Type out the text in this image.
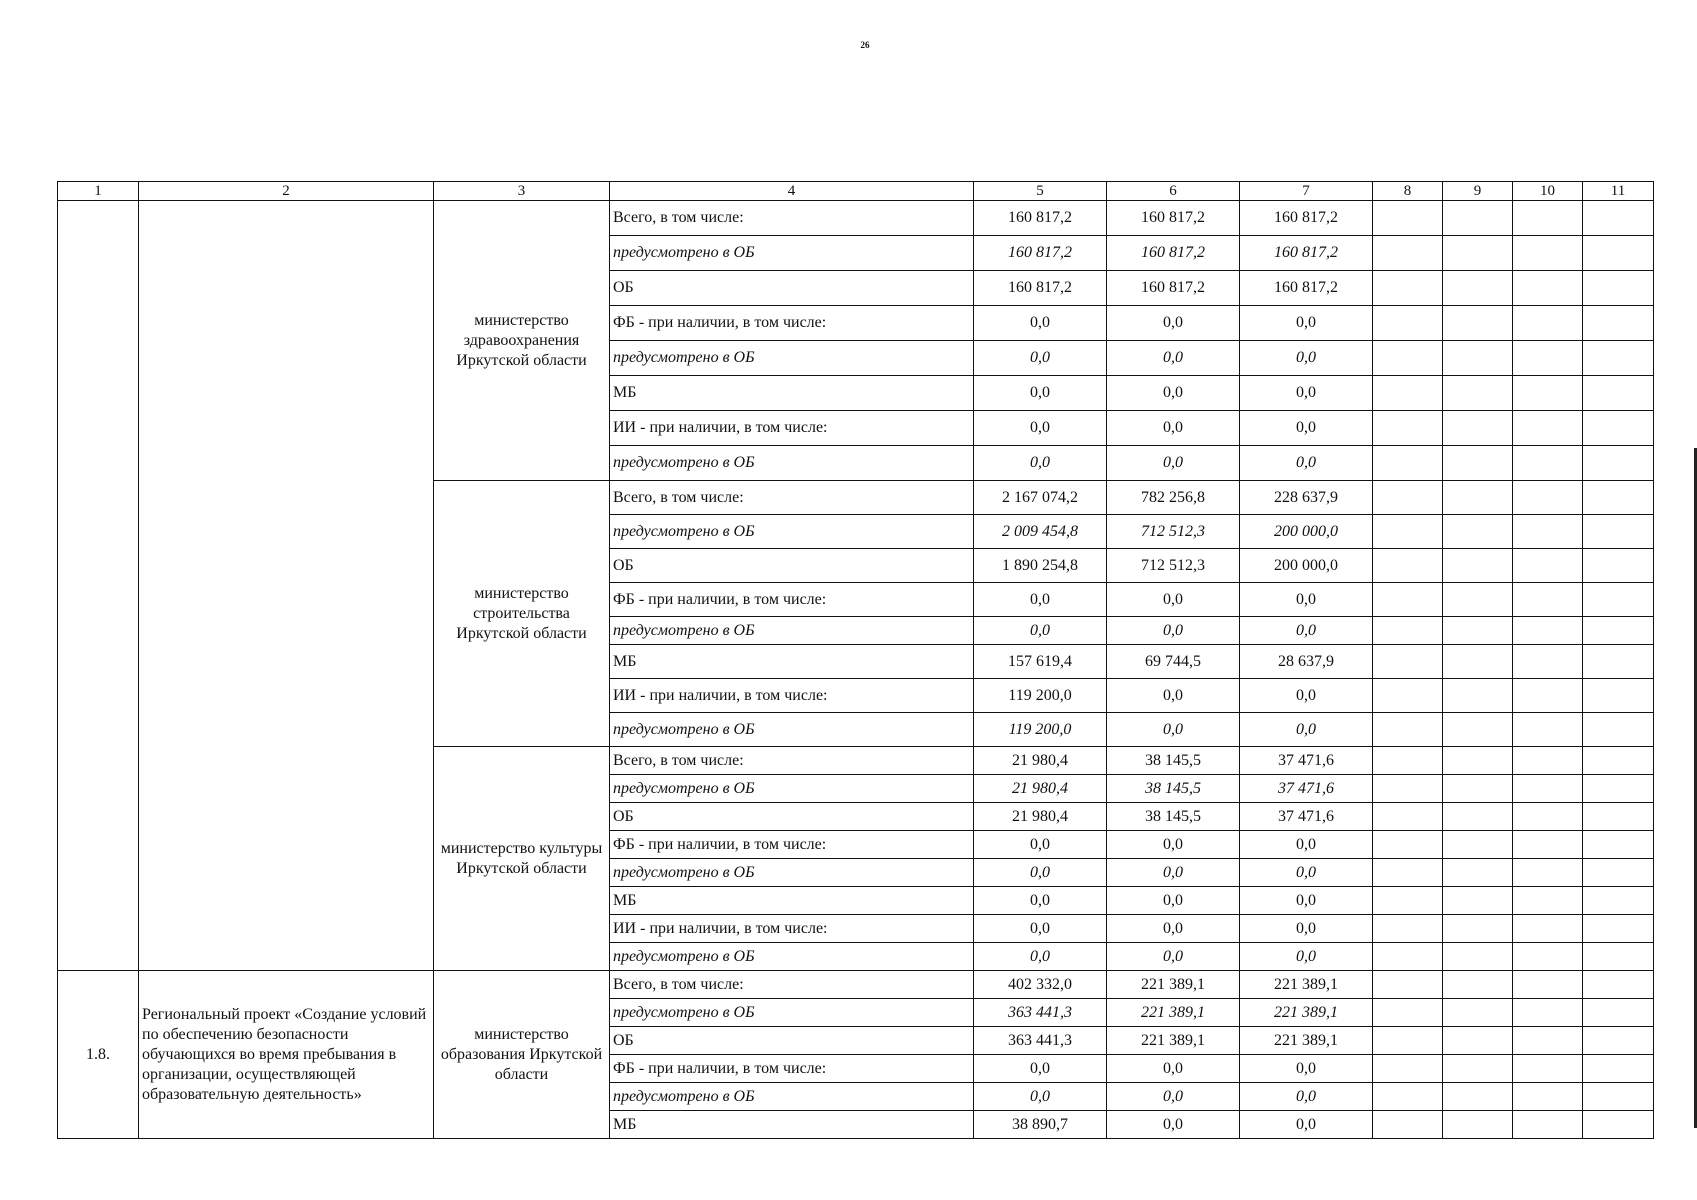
26
1	2	3	4	5	6	7	8	9	10	11
		министерство здравоохранения Иркутской области	Всего, в том числе:	160 817,2	160 817,2	160 817,2				
			предусмотрено в ОБ	160 817,2	160 817,2	160 817,2				
			ОБ	160 817,2	160 817,2	160 817,2				
			ФБ - при наличии, в том числе:	0,0	0,0	0,0				
			предусмотрено в ОБ	0,0	0,0	0,0				
			МБ	0,0	0,0	0,0				
			ИИ - при наличии, в том числе:	0,0	0,0	0,0				
			предусмотрено в ОБ	0,0	0,0	0,0				
		министерство строительства Иркутской области	Всего, в том числе:	2 167 074,2	782 256,8	228 637,9				
			предусмотрено в ОБ	2 009 454,8	712 512,3	200 000,0				
			ОБ	1 890 254,8	712 512,3	200 000,0				
			ФБ - при наличии, в том числе:	0,0	0,0	0,0				
			предусмотрено в ОБ	0,0	0,0	0,0				
			МБ	157 619,4	69 744,5	28 637,9				
			ИИ - при наличии, в том числе:	119 200,0	0,0	0,0				
			предусмотрено в ОБ	119 200,0	0,0	0,0				
		министерство культуры Иркутской области	Всего, в том числе:	21 980,4	38 145,5	37 471,6				
			предусмотрено в ОБ	21 980,4	38 145,5	37 471,6				
			ОБ	21 980,4	38 145,5	37 471,6				
			ФБ - при наличии, в том числе:	0,0	0,0	0,0				
			предусмотрено в ОБ	0,0	0,0	0,0				
			МБ	0,0	0,0	0,0				
			ИИ - при наличии, в том числе:	0,0	0,0	0,0				
			предусмотрено в ОБ	0,0	0,0	0,0				
1.8.	Региональный проект «Создание условий по обеспечению безопасности обучающихся во время пребывания в организации, осуществляющей образовательную деятельность»	министерство образования Иркутской области	Всего, в том числе:	402 332,0	221 389,1	221 389,1				
			предусмотрено в ОБ	363 441,3	221 389,1	221 389,1				
			ОБ	363 441,3	221 389,1	221 389,1				
			ФБ - при наличии, в том числе:	0,0	0,0	0,0				
			предусмотрено в ОБ	0,0	0,0	0,0				
			МБ	38 890,7	0,0	0,0				
